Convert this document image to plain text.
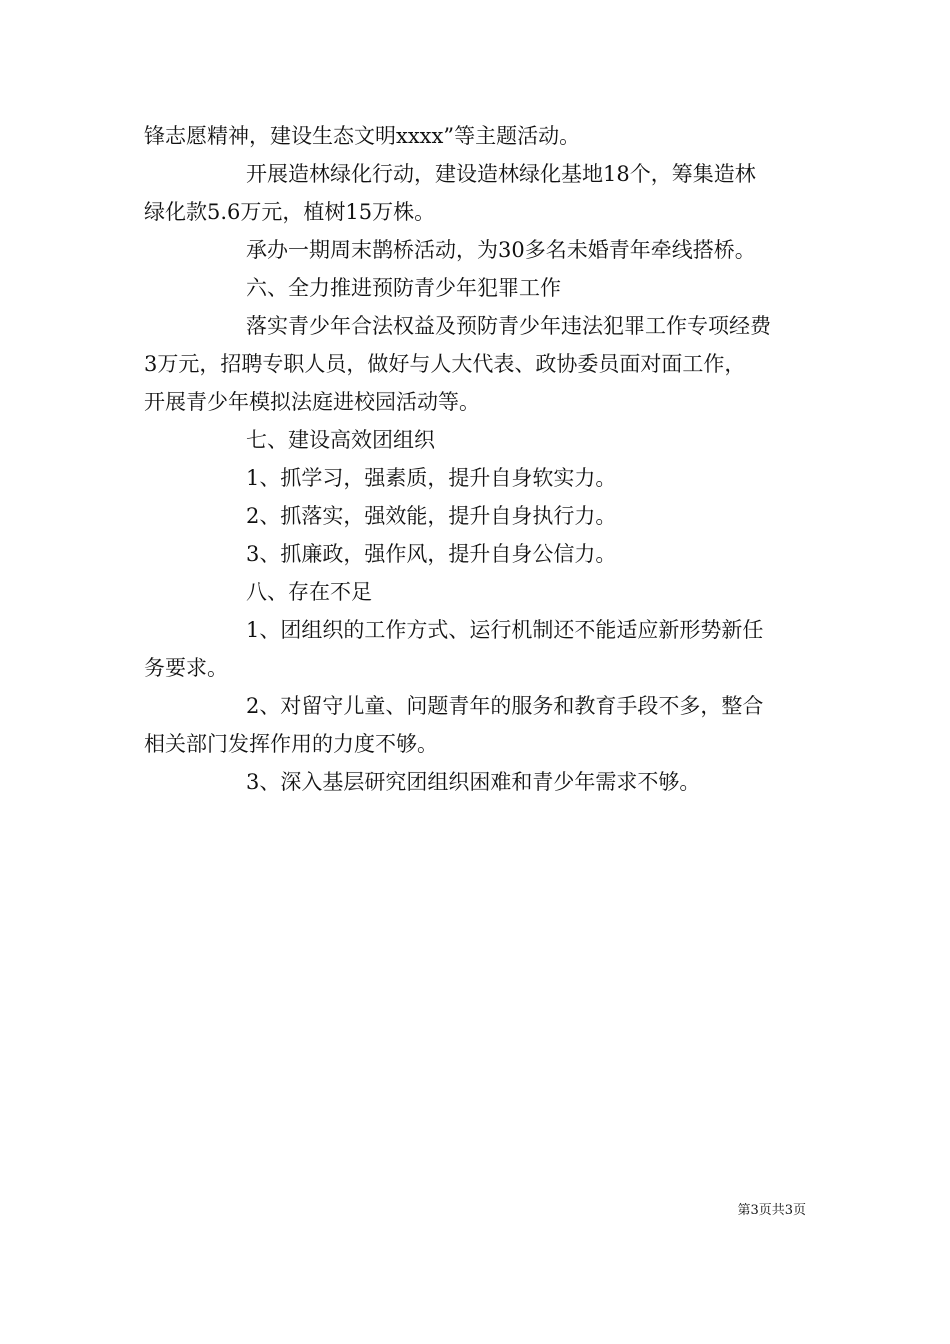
锋志愿精神，建设生态文明xxxx”等主题活动。
开展造林绿化行动，建设造林绿化基地18个，筹集造林
绿化款5.6万元，植树15万株。
承办一期周末鹊桥活动，为30多名未婚青年牵线搭桥。
六、全力推进预防青少年犯罪工作
落实青少年合法权益及预防青少年违法犯罪工作专项经费
3万元，招聘专职人员，做好与人大代表、政协委员面对面工作，
开展青少年模拟法庭进校园活动等。
七、建设高效团组织
1、抓学习，强素质，提升自身软实力。
2、抓落实，强效能，提升自身执行力。
3、抓廉政，强作风，提升自身公信力。
八、存在不足
1、团组织的工作方式、运行机制还不能适应新形势新任
务要求。
2、对留守儿童、问题青年的服务和教育手段不多，整合
相关部门发挥作用的力度不够。
3、深入基层研究团组织困难和青少年需求不够。
第3页共3页
